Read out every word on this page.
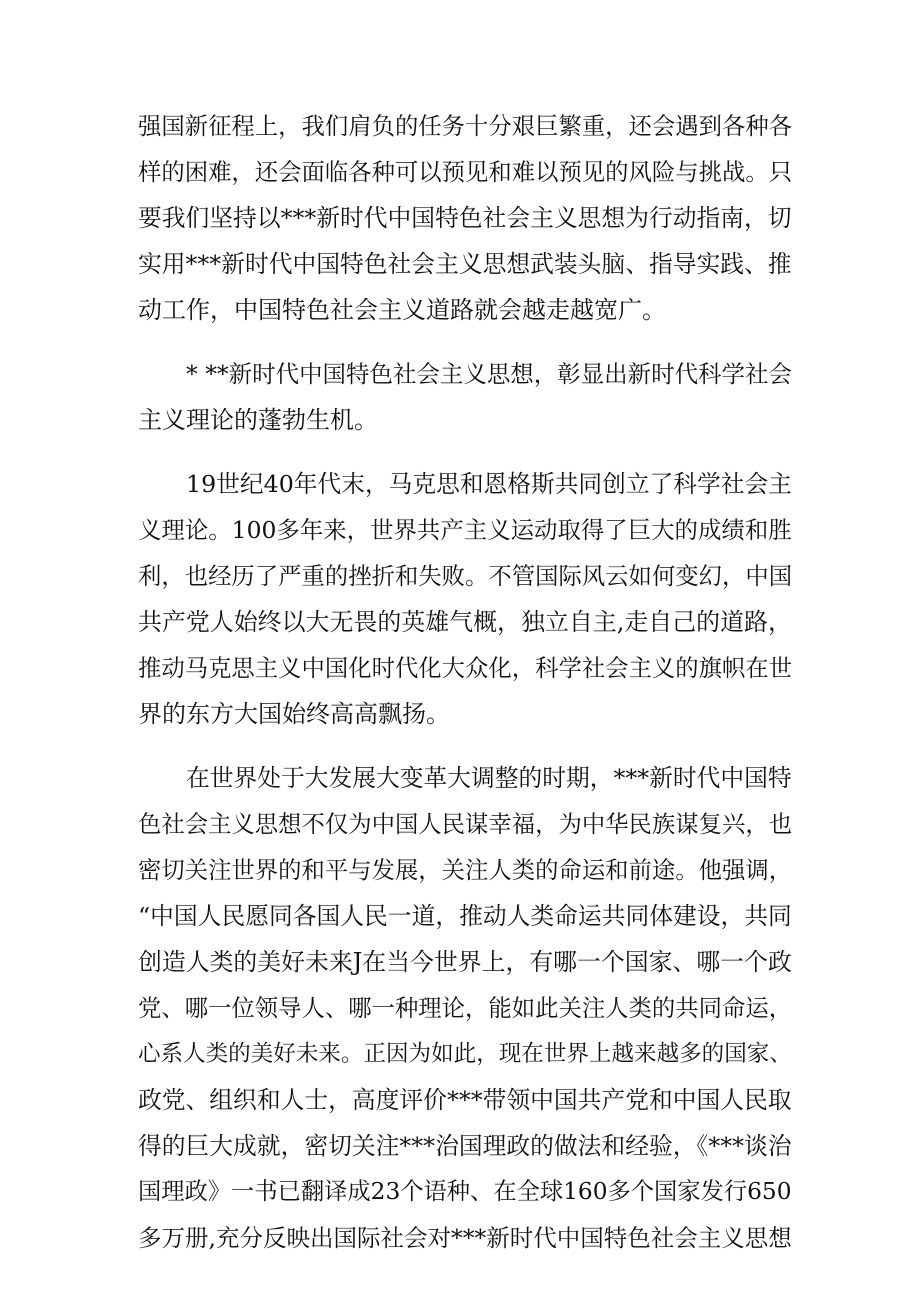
强国新征程上，我们肩负的任务十分艰巨繁重，还会遇到各种各
样的困难，还会面临各种可以预见和难以预见的风险与挑战。只
要我们坚持以***新时代中国特色社会主义思想为行动指南，切
实用***新时代中国特色社会主义思想武装头脑、指导实践、推
动工作，中国特色社会主义道路就会越走越宽广。
* **新时代中国特色社会主义思想，彰显出新时代科学社会
主义理论的蓬勃生机。
19世纪40年代末，马克思和恩格斯共同创立了科学社会主
义理论。100多年来，世界共产主义运动取得了巨大的成绩和胜
利，也经历了严重的挫折和失败。不管国际风云如何变幻，中国
共产党人始终以大无畏的英雄气概，独立自主,走自己的道路，
推动马克思主义中国化时代化大众化，科学社会主义的旗帜在世
界的东方大国始终高高飘扬。
在世界处于大发展大变革大调整的时期，***新时代中国特
色社会主义思想不仅为中国人民谋幸福，为中华民族谋复兴，也
密切关注世界的和平与发展，关注人类的命运和前途。他强调，
“中国人民愿同各国人民一道，推动人类命运共同体建设，共同
创造人类的美好未来J在当今世界上，有哪一个国家、哪一个政
党、哪一位领导人、哪一种理论，能如此关注人类的共同命运，
心系人类的美好未来。正因为如此，现在世界上越来越多的国家、
政党、组织和人士，高度评价***带领中国共产党和中国人民取
得的巨大成就，密切关注***治国理政的做法和经验，《***谈治
国理政》一书已翻译成23个语种、在全球160多个国家发行650
多万册,充分反映出国际社会对***新时代中国特色社会主义思想
